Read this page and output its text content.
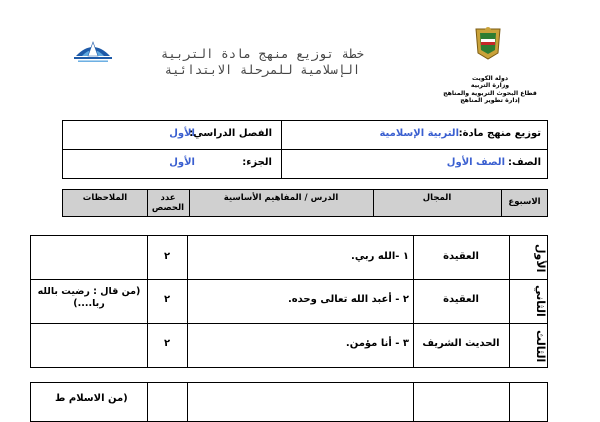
دولة الكويت
وزارة التربية
قطاع البحوث التربوية والمناهج
إدارة تطوير المناهج
خطة توزيع منهج مادة التربية
الإسلامية للمرحلة الابتدائية
توزيع منهج مادة:
التربية الإسلامية
الفصل الدراسي:
الأول
الصف:
الصف الأول
الجزء:
الأول
الاسبوع
المجال
الدرس / المفاهيم الأساسية
عدد
الحصص
الملاحظات
الأول
العقيدة
١ -الله ربي.
٢
الثاني
العقيدة
٢ - أعبد الله تعالى وحده.
٢
(من قال : رضيت بالله ربا....)
الثالث
الحديث الشريف
٣ - أنا مؤمن.
٢
(من الاسلام ط
